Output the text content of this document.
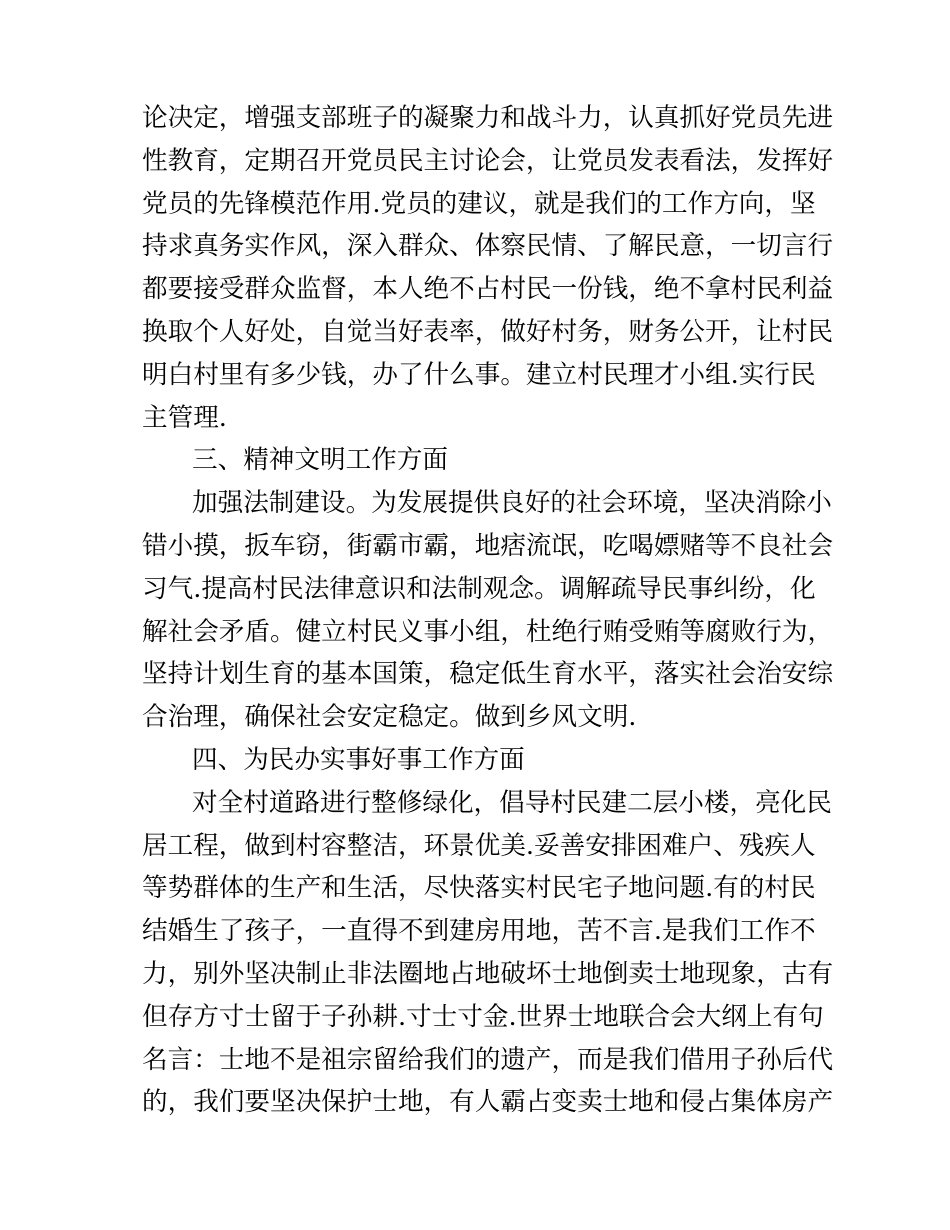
论决定，增强支部班子的凝聚力和战斗力，认真抓好党员先进
性教育，定期召开党员民主讨论会，让党员发表看法，发挥好
党员的先锋模范作用.党员的建议，就是我们的工作方向，坚
持求真务实作风，深入群众、体察民情、了解民意，一切言行
都要接受群众监督，本人绝不占村民一份钱，绝不拿村民利益
换取个人好处，自觉当好表率，做好村务，财务公开，让村民
明白村里有多少钱，办了什么事。建立村民理才小组.实行民
主管理.
三、精神文明工作方面
加强法制建设。为发展提供良好的社会环境，坚决消除小
错小摸，扳车窃，街霸市霸，地痞流氓，吃喝嫖赌等不良社会
习气.提高村民法律意识和法制观念。调解疏导民事纠纷，化
解社会矛盾。健立村民义事小组，杜绝行贿受贿等腐败行为，
坚持计划生育的基本国策，稳定低生育水平，落实社会治安综
合治理，确保社会安定稳定。做到乡风文明.
四、为民办实事好事工作方面
对全村道路进行整修绿化，倡导村民建二层小楼，亮化民
居工程，做到村容整洁，环景优美.妥善安排困难户、残疾人
等势群体的生产和生活，尽快落实村民宅子地问题.有的村民
结婚生了孩子，一直得不到建房用地，苦不言.是我们工作不
力，别外坚决制止非法圈地占地破坏士地倒卖士地现象，古有
但存方寸士留于子孙耕.寸士寸金.世界士地联合会大纲上有句
名言：士地不是祖宗留给我们的遗产，而是我们借用子孙后代
的，我们要坚决保护士地，有人霸占变卖士地和侵占集体房产
